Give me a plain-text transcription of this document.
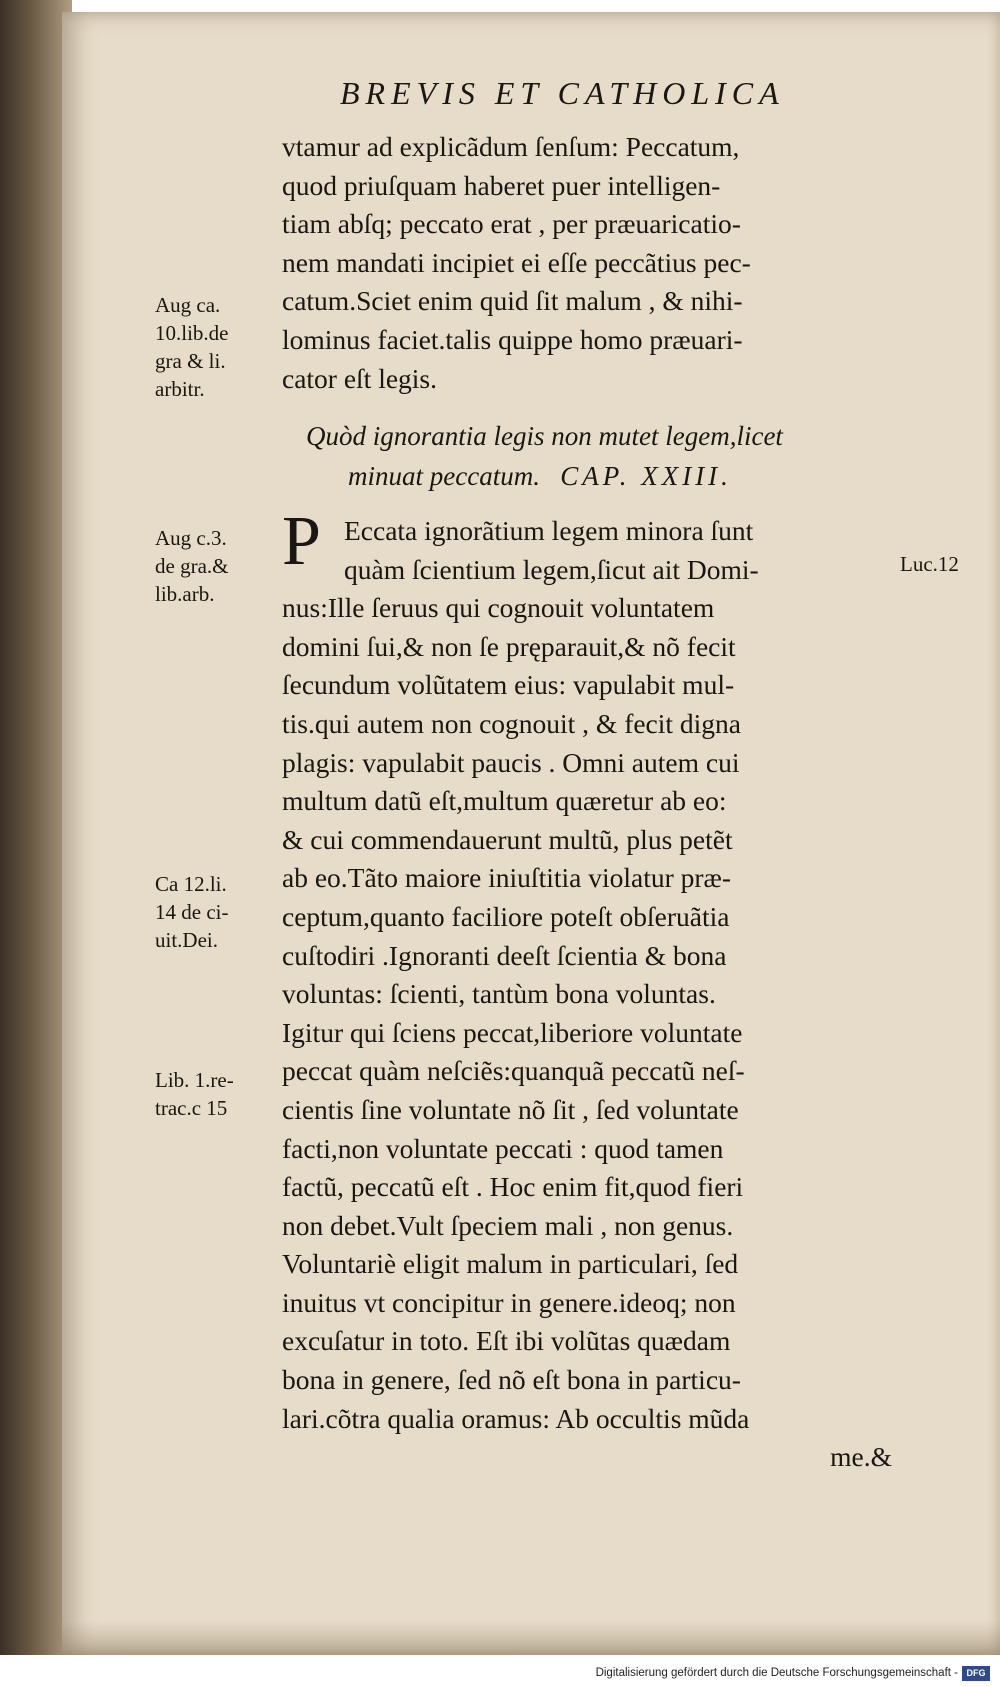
BREVIS ET CATHOLICA
vtamur ad explicãdum ſenſum: Peccatum,
quod priuſquam haberet puer intelligen-
tiam abſq; peccato erat , per præuaricatio-
nem mandati incipiet ei eſſe peccãtius pec-
catum.Sciet enim quid ſit malum , & nihi-
lominus faciet.talis quippe homo præuari-
cator eſt legis.
Quòd ignorantia legis non mutet legem,licet
minuat peccatum. CAP. XXIII.
P Eccata ignorãtium legem minora ſunt
quàm ſcientium legem,ſicut ait Domi-
nus:Ille ſeruus qui cognouit voluntatem
domini ſui,& non ſe pręparauit,& nõ fecit
ſecundum volũtatem eius: vapulabit mul-
tis.qui autem non cognouit , & fecit digna
plagis: vapulabit paucis . Omni autem cui
multum datũ eſt,multum quæretur ab eo:
& cui commendauerunt multũ, plus petẽt
ab eo.Tãto maiore iniuſtitia violatur præ-
ceptum,quanto faciliore poteſt obſeruãtia
cuſtodiri .Ignoranti deeſt ſcientia & bona
voluntas: ſcienti, tantùm bona voluntas.
Igitur qui ſciens peccat,liberiore voluntate
peccat quàm neſciẽs:quanquã peccatũ neſ-
cientis ſine voluntate nõ ſit , ſed voluntate
facti,non voluntate peccati : quod tamen
factũ, peccatũ eſt . Hoc enim fit,quod fieri
non debet.Vult ſpeciem mali , non genus.
Voluntariè eligit malum in particulari, ſed
inuitus vt concipitur in genere.ideoq; non
excuſatur in toto. Eſt ibi volũtas quædam
bona in genere, ſed nõ eſt bona in particu-
lari.cõtra qualia oramus: Ab occultis mũda
me.&
Aug ca.
10.lib.de
gra & li.
arbitr.
Aug c.3.
de gra.&
lib.arb.
Ca 12.li.
14 de ci-
uit.Dei.
Lib. 1.re-
trac.c 15
Luc.12
Digitalisierung gefördert durch die Deutsche Forschungsgemeinschaft - DFG
